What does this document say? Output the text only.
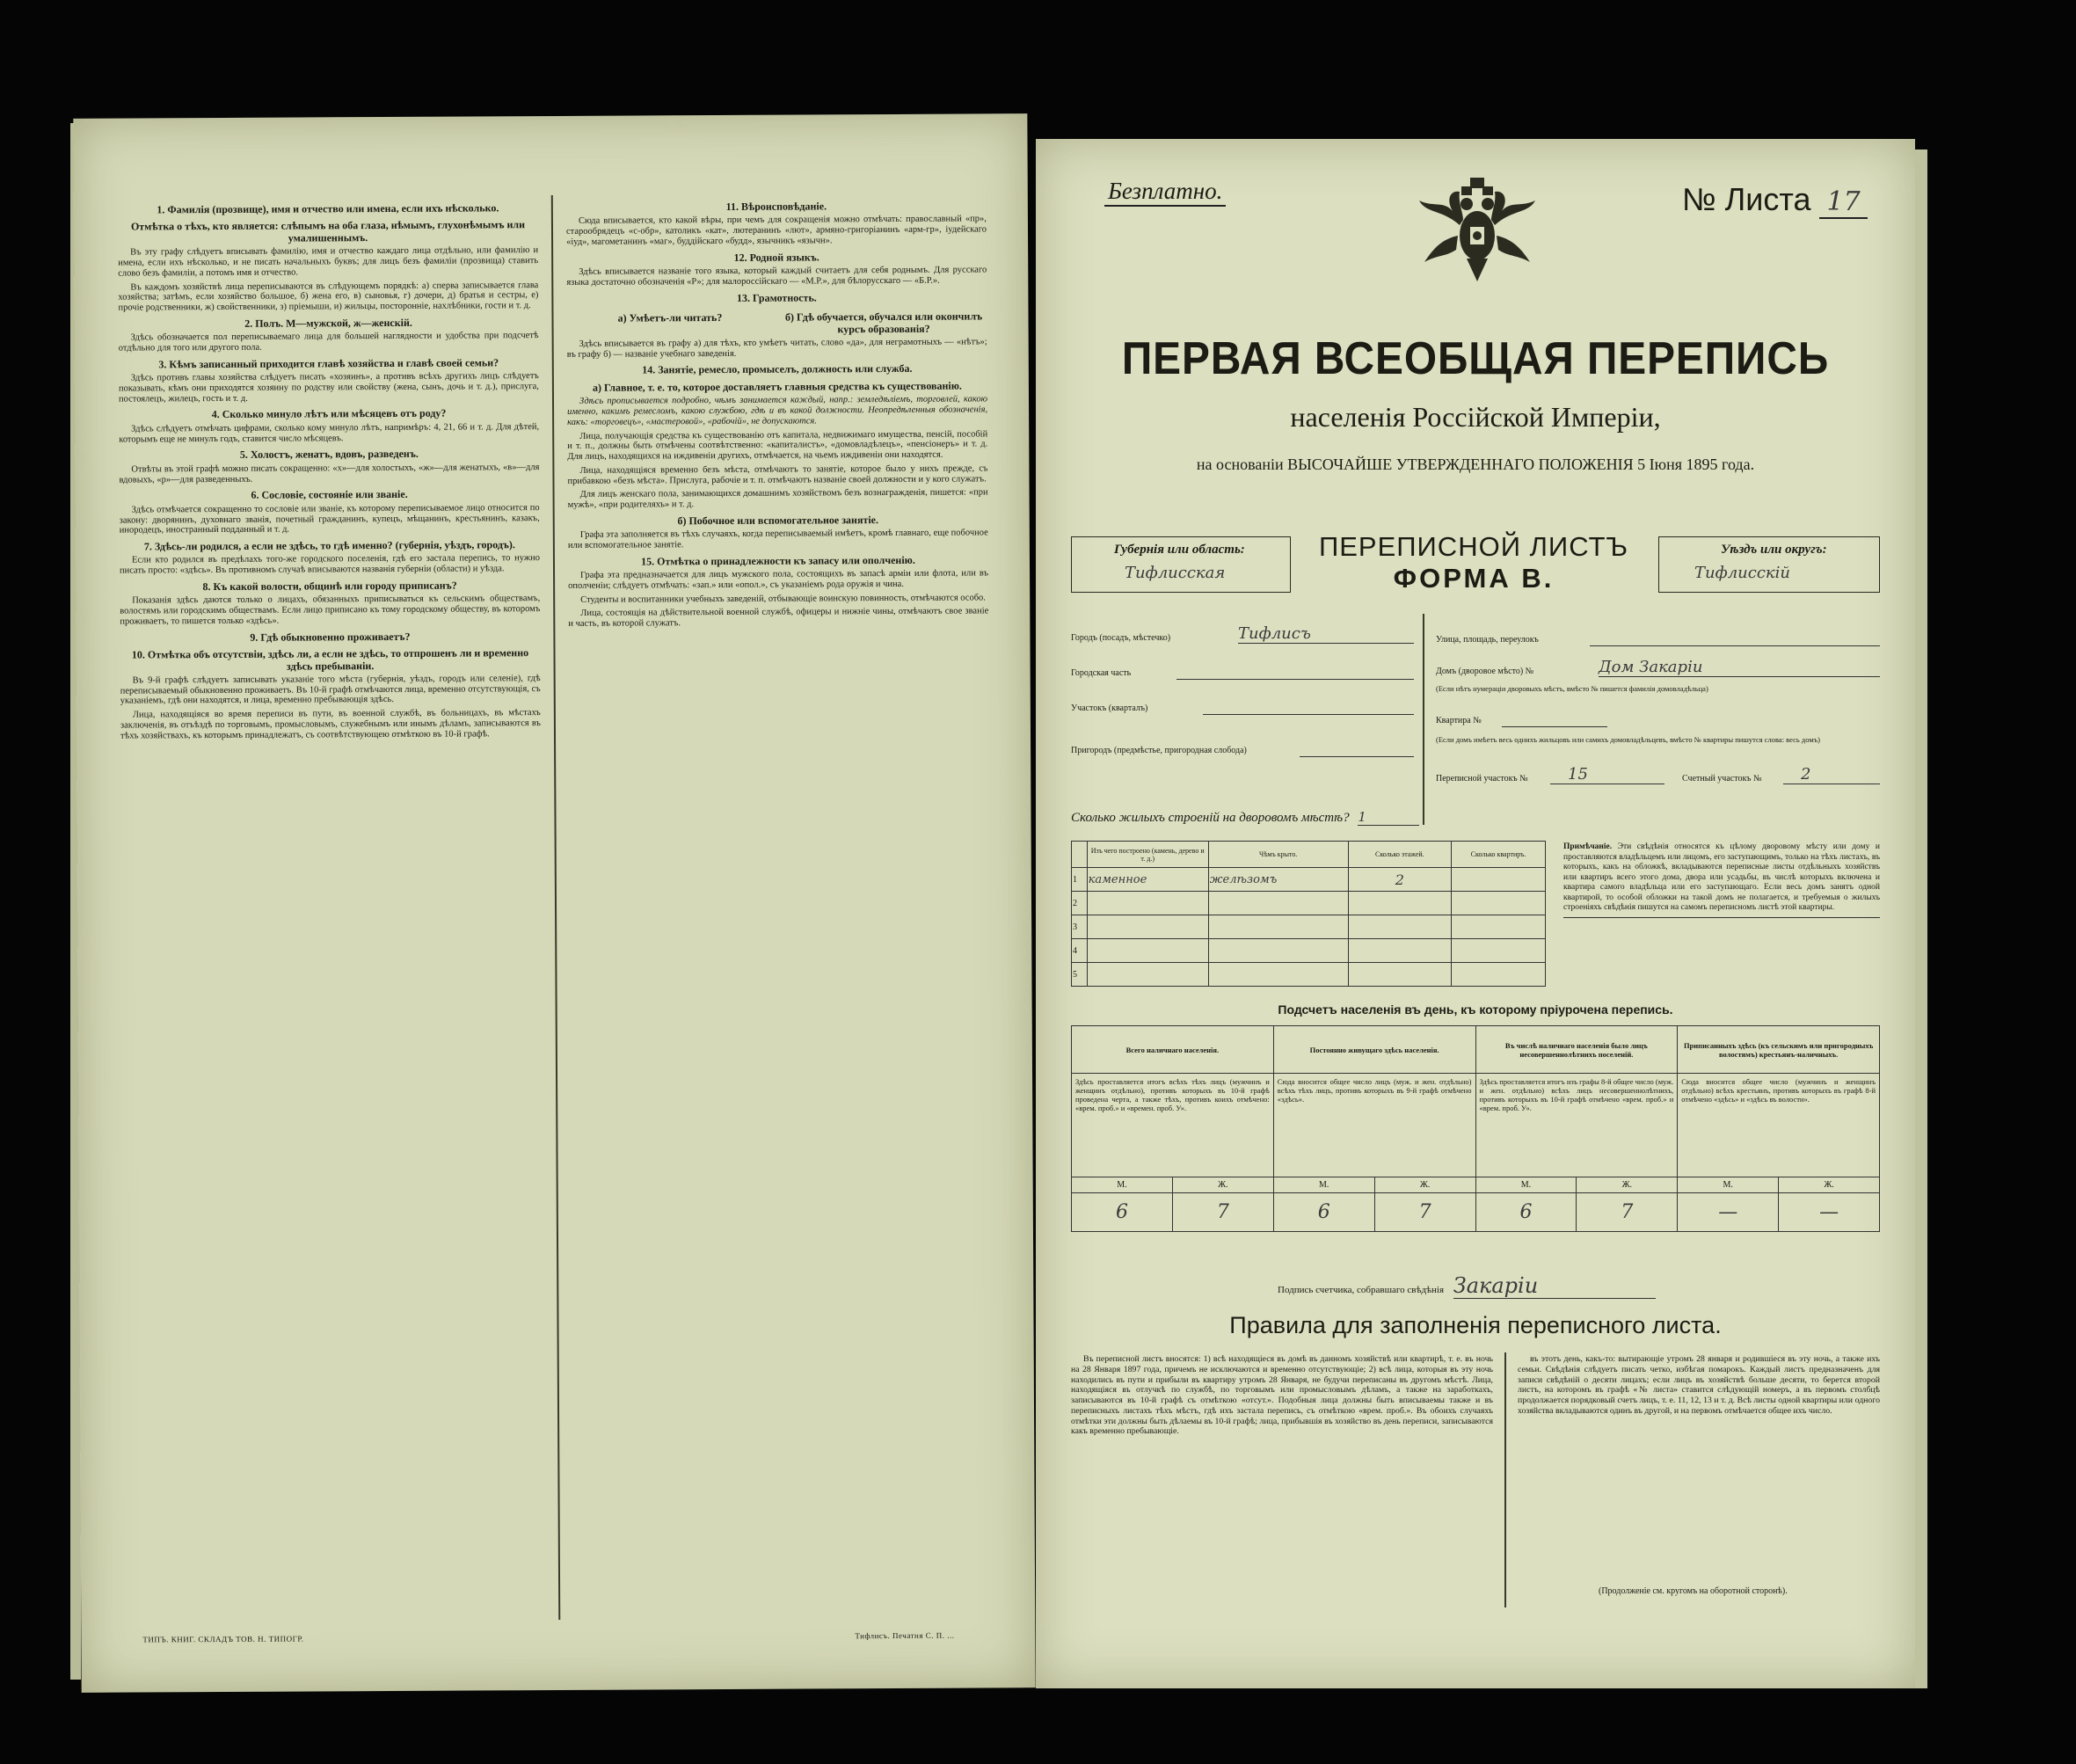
1. Фамилія (прозвище), имя и отчество или имена, если ихъ нѣсколько.
Отмѣтка о тѣхъ, кто является: слѣпымъ на оба глаза, нѣмымъ, глухонѣмымъ или умалишеннымъ.

Въ эту графу слѣдуетъ вписывать фамилію, имя и отчество каждаго лица отдѣльно, или фамилію и имена, если ихъ нѣсколько, и не писать начальныхъ буквъ; для лицъ безъ фамиліи (прозвища) ставить слово безъ фамиліи, а потомъ имя и отчество.

Въ каждомъ хозяйствѣ лица переписываются въ слѣдующемъ порядкѣ: а) сперва записывается глава хозяйства; затѣмъ, если хозяйство большое, б) жена его, в) сыновья, г) дочери, д) братья и сестры, е) прочіе родственники, ж) свойственники, з) пріемыши, и) жильцы, посторонніе, нахлѣбники, гости и т. д.

2. Полъ. М—мужской, ж—женскій.

Здѣсь обозначается пол переписываемаго лица для большей наглядности и удобства при подсчетѣ отдѣльно для того или другого пола.

3. Кѣмъ записанный приходится главѣ хозяйства и главѣ своей семьи?

Здѣсь противъ главы хозяйства слѣдуетъ писать «хозяинъ», а противъ всѣхъ другихъ лицъ слѣдуетъ показывать, кѣмъ они приходятся хозяину по родству или свойству (жена, сынъ, дочь и т. д.), прислуга, постоялецъ, жилецъ, гость и т. д.

4. Сколько минуло лѣтъ или мѣсяцевъ отъ роду?

Здѣсь слѣдуетъ отмѣчать цифрами, сколько кому минуло лѣтъ, напримѣръ: 4, 21, 66 и т. д. Для дѣтей, которымъ еще не минулъ годъ, ставится число мѣсяцевъ.

5. Холостъ, женатъ, вдовъ, разведенъ.

Отвѣты въ этой графѣ можно писать сокращенно: «х»—для холостыхъ, «ж»—для женатыхъ, «в»—для вдовыхъ, «р»—для разведенныхъ.

6. Сословіе, состояніе или званіе.

Здѣсь отмѣчается сокращенно то сословіе или званіе, къ которому переписываемое лицо относится по закону: дворянинъ, духовнаго званія, почетный гражданинъ, купецъ, мѣщанинъ, крестьянинъ, казакъ, инородецъ, иностранный подданный и т. д.

7. Здѣсь-ли родился, а если не здѣсь, то гдѣ именно? (губернія, уѣздъ, городъ).

Если кто родился въ предѣлахъ того-же городского поселенія, гдѣ его застала перепись, то нужно писать просто: «здѣсь». Въ противномъ случаѣ вписываются названія губерніи (области) и уѣзда.

8. Къ какой волости, общинѣ или городу приписанъ?

Показанія здѣсь даются только о лицахъ, обязанныхъ приписываться къ сельскимъ обществамъ, волостямъ или городскимъ обществамъ. Если лицо приписано къ тому городскому обществу, въ которомъ проживаетъ, то пишется только «здѣсь».

9. Гдѣ обыкновенно проживаетъ?
10. Отмѣтка объ отсутствіи, здѣсь ли, а если не здѣсь, то отпрошенъ ли и временно здѣсь пребываніи.

Въ 9-й графѣ слѣдуетъ записывать указаніе того мѣста (губернія, уѣздъ, городъ или селеніе), гдѣ переписываемый обыкновенно проживаетъ. Въ 10-й графѣ отмѣчаются лица, временно отсутствующія, съ указаніемъ, гдѣ они находятся, и лица, временно пребывающія здѣсь.

Лица, находящіяся во время переписи въ пути, въ военной службѣ, въ больницахъ, въ мѣстахъ заключенія, въ отъѣздѣ по торговымъ, промысловымъ, служебнымъ или инымъ дѣламъ, записываются въ тѣхъ хозяйствахъ, къ которымъ принадлежатъ, съ соотвѣтствующею отмѣткою въ 10-й графѣ.

11. Вѣроисповѣданіе.

Сюда вписывается, кто какой вѣры, при чемъ для сокращенія можно отмѣчать: православный «пр», старообрядецъ «с-обр», католикъ «кат», лютеранинъ «лют», армяно-григоріанинъ «арм-гр», іудейскаго «іуд», магометанинъ «маг», буддійскаго «будд», язычникъ «язычн».

12. Родной языкъ.

Здѣсь вписывается названіе того языка, который каждый считаетъ для себя роднымъ. Для русскаго языка достаточно обозначенія «Р»; для малороссійскаго — «М.Р.», для бѣлорусскаго — «Б.Р.».

13. Грамотность.
а) Умѣетъ-ли читать?	б) Гдѣ обучается, обучался или окончилъ курсъ образованія?

Здѣсь вписывается въ графу а) для тѣхъ, кто умѣетъ читать, слово «да», для неграмотныхъ — «нѣтъ»; въ графу б) — названіе учебнаго заведенія.

14. Занятіе, ремесло, промыселъ, должность или служба.
а) Главное, т. е. то, которое доставляетъ главныя средства къ существованію.

Здѣсь прописывается подробно, чѣмъ занимается каждый, напр.: земледѣліемъ, торговлей, какою именно, какимъ ремесломъ, какою службою, гдѣ и въ какой должности. Неопредѣленныя обозначенія, какъ: «торговецъ», «мастеровой», «рабочій», не допускаются.

Лица, получающія средства къ существованію отъ капитала, недвижимаго имущества, пенсій, пособій и т. п., должны быть отмѣчены соотвѣтственно: «капиталистъ», «домовладѣлецъ», «пенсіонеръ» и т. д. Для лицъ, находящихся на иждивеніи другихъ, отмѣчается, на чьемъ иждивеніи они находятся.

Лица, находящіяся временно безъ мѣста, отмѣчаютъ то занятіе, которое было у нихъ прежде, съ прибавкою «безъ мѣста». Прислуга, рабочіе и т. п. отмѣчаютъ названіе своей должности и у кого служатъ.

Для лицъ женскаго пола, занимающихся домашнимъ хозяйствомъ безъ вознагражденія, пишется: «при мужѣ», «при родителяхъ» и т. д.

б) Побочное или вспомогательное занятіе.

Графа эта заполняется въ тѣхъ случаяхъ, когда переписываемый имѣетъ, кромѣ главнаго, еще побочное или вспомогательное занятіе.

15. Отмѣтка о принадлежности къ запасу или ополченію.

Графа эта предназначается для лицъ мужского пола, состоящихъ въ запасѣ арміи или флота, или въ ополченіи; слѣдуетъ отмѣчать: «зап.» или «опол.», съ указаніемъ рода оружія и чина.

Студенты и воспитанники учебныхъ заведеній, отбывающіе воинскую повинность, отмѣчаются особо.

Лица, состоящія на дѣйствительной военной службѣ, офицеры и нижніе чины, отмѣчаютъ свое званіе и часть, въ которой служатъ.

ТИПЪ. КНИГ. СКЛАДЪ ТОВ. Н. ТИПОГР.	Тифлисъ. Печатня С. П. ...
Безплатно.	№ Листа 17
ПЕРВАЯ ВСЕОБЩАЯ ПЕРЕПИСЬ
населенія Россійской Имперіи,
на основаніи ВЫСОЧАЙШЕ УТВЕРЖДЕННАГО ПОЛОЖЕНІЯ 5 Іюня 1895 года.
Губернія или область:
Тифлисская
ПЕРЕПИСНОЙ ЛИСТЪ
ФОРМА В.
Уѣздъ или округъ:
Тифлисскій
Городъ (посадъ, мѣстечко)	Тифлисъ
Городская часть
Участокъ (кварталъ)
Пригородъ (предмѣстье, пригородная слобода)
Улица, площадь, переулокъ
Домъ (дворовое мѣсто) №	Дом Закаріи
(Если нѣтъ нумераціи дворовыхъ мѣстъ, вмѣсто № пишется фамилія домовладѣльца)
Квартира №
(Если домъ имѣетъ весь однихъ жильцовъ или самихъ домовладѣльцевъ, вмѣсто № квартиры пишутся слова: весь домъ)
Переписной участокъ №	15	Счетный участокъ №	2
Сколько жилыхъ строеній на дворовомъ мѣстѣ? 1
	Изъ чего построено (камень, дерево и т. д.)	Чѣмъ крыто.	Сколько этажей.	Сколько квартиръ.
1	каменное	желѣзомъ	2	
2				
3				
4				
5				
Примѣчаніе. Эти свѣдѣнія относятся къ цѣлому дворовому мѣсту или дому и проставляются владѣльцемъ или лицомъ, его заступающимъ, только на тѣхъ листахъ, въ которыхъ, какъ на обложкѣ, вкладываются переписные листы отдѣльныхъ хозяйствъ или квартиръ всего этого дома, двора или усадьбы, въ числѣ которыхъ включена и квартира самого владѣльца или его заступающаго. Если весь домъ занятъ одной квартирой, то особой обложки на такой домъ не полагается, и требуемыя о жилыхъ строеніяхъ свѣдѣнія пишутся на самомъ переписномъ листѣ этой квартиры.
Подсчетъ населенія въ день, къ которому пріурочена перепись.
Всего наличнаго населенія.		Постоянно живущаго здѣсь населенія.		Въ числѣ наличнаго населенія было лицъ несовершеннолѣтнихъ поселеній.		Приписанныхъ здѣсь (къ сельскимъ или пригородныхъ волостямъ) крестьянъ-наличныхъ.	
Здѣсь проставляется итогъ всѣхъ тѣхъ лицъ (мужчинъ и женщинъ отдѣльно), противъ которыхъ въ 10-й графѣ проведена черта, а также тѣхъ, противъ коихъ отмѣчено: «врем. проб.» и «времен. проб. У».		Сюда вносится общее число лицъ (муж. и жен. отдѣльно) всѣхъ тѣхъ лицъ, противъ которыхъ въ 9-й графѣ отмѣчено «здѣсь».		Здѣсь проставляется итогъ изъ графы 8-й общее число (муж. и жен. отдѣльно) всѣхъ лицъ несовершеннолѣтнихъ, противъ которыхъ въ 10-й графѣ отмѣчено «врем. проб.» и «врем. проб. У».		Сюда вносится общее число (мужчинъ и женщинъ отдѣльно) всѣхъ крестьянъ, противъ которыхъ въ графѣ 8-й отмѣчено «здѣсь» и «здѣсь въ волости».	
М.	Ж.	М.	Ж.	М.	Ж.	М.	Ж.
6	7	6	7	6	7	—	—
Подпись счетчика, собравшаго свѣдѣнія Закаріи
Правила для заполненія переписного листа.
Въ переписной листъ вносятся: 1) всѣ находящіеся въ домѣ въ данномъ хозяйствѣ или квартирѣ, т. е. въ ночь на 28 Января 1897 года, причемъ не исключаются и временно отсутствующіе; 2) всѣ лица, которыя въ эту ночь находились въ пути и прибыли въ квартиру утромъ 28 Января, не будучи переписаны въ другомъ мѣстѣ. Лица, находящіяся въ отлучкѣ по службѣ, по торговымъ или промысловымъ дѣламъ, а также на заработкахъ, записываются въ 10-й графѣ съ отмѣткою «отсут.». Подобныя лица должны быть вписываемы также и въ переписныхъ листахъ тѣхъ мѣстъ, гдѣ ихъ застала перепись, съ отмѣткою «врем. проб.». Въ обоихъ случаяхъ отмѣтки эти должны быть дѣлаемы въ 10-й графѣ; лица, прибывшія въ хозяйство въ день переписи, записываются какъ временно пребывающіе.
въ этотъ день, какъ-то: вытирающіе утромъ 28 января и родившіеся въ эту ночь, а также ихъ семьи. Свѣдѣнія слѣдуетъ писать четко, избѣгая помарокъ. Каждый листъ предназначенъ для записи свѣдѣній о десяти лицахъ; если лицъ въ хозяйствѣ больше десяти, то берется второй листъ, на которомъ въ графѣ «№ листа» ставится слѣдующій номеръ, а въ первомъ столбцѣ продолжается порядковый счетъ лицъ, т. е. 11, 12, 13 и т. д. Всѣ листы одной квартиры или одного хозяйства вкладываются одинъ въ другой, и на первомъ отмѣчается общее ихъ число.
(Продолженіе см. кругомъ на оборотной сторонѣ).
